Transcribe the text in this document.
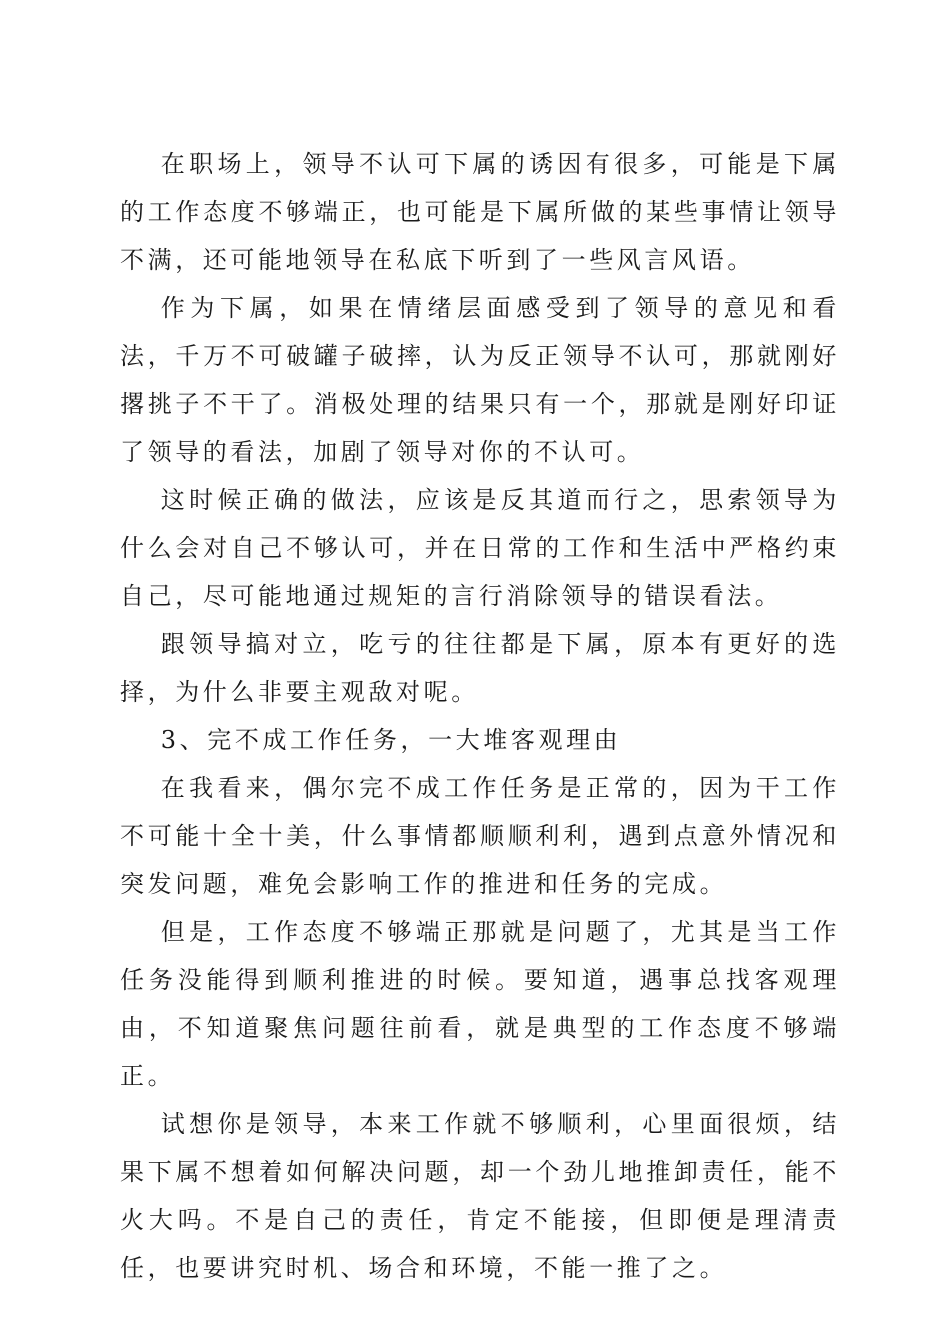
在职场上，领导不认可下属的诱因有很多，可能是下属的工作态度不够端正，也可能是下属所做的某些事情让领导不满，还可能地领导在私底下听到了一些风言风语。

作为下属，如果在情绪层面感受到了领导的意见和看法，千万不可破罐子破摔，认为反正领导不认可，那就刚好撂挑子不干了。消极处理的结果只有一个，那就是刚好印证了领导的看法，加剧了领导对你的不认可。

这时候正确的做法，应该是反其道而行之，思索领导为什么会对自己不够认可，并在日常的工作和生活中严格约束自己，尽可能地通过规矩的言行消除领导的错误看法。

跟领导搞对立，吃亏的往往都是下属，原本有更好的选择，为什么非要主观敌对呢。

3、完不成工作任务，一大堆客观理由

在我看来，偶尔完不成工作任务是正常的，因为干工作不可能十全十美，什么事情都顺顺利利，遇到点意外情况和突发问题，难免会影响工作的推进和任务的完成。

但是，工作态度不够端正那就是问题了，尤其是当工作任务没能得到顺利推进的时候。要知道，遇事总找客观理由，不知道聚焦问题往前看，就是典型的工作态度不够端正。

试想你是领导，本来工作就不够顺利，心里面很烦，结果下属不想着如何解决问题，却一个劲儿地推卸责任，能不火大吗。不是自己的责任，肯定不能接，但即便是理清责任，也要讲究时机、场合和环境，不能一推了之。
